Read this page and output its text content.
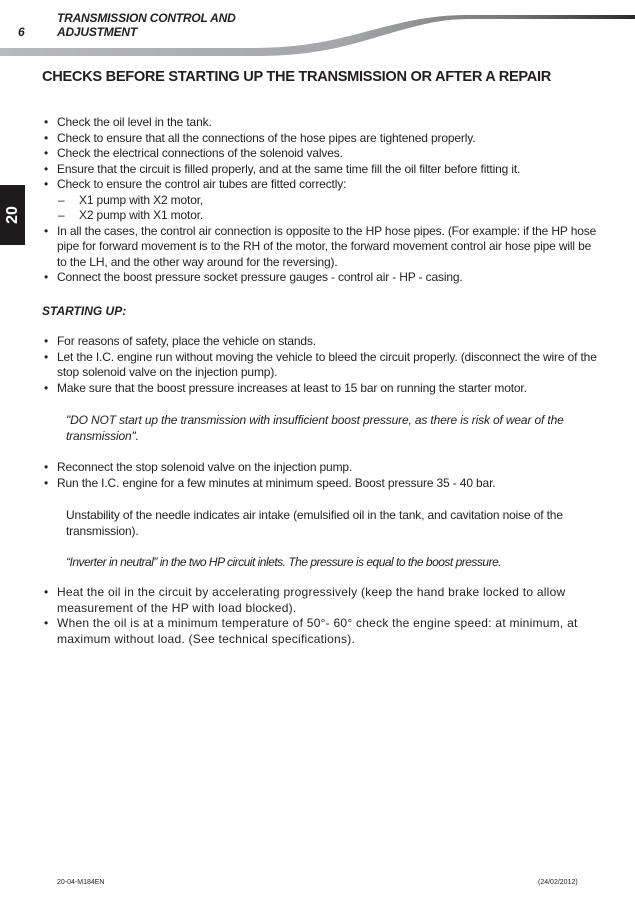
6
TRANSMISSION CONTROL AND
ADJUSTMENT
20
CHECKS BEFORE STARTING UP THE TRANSMISSION OR AFTER A REPAIR
• Check the oil level in the tank.
• Check to ensure that all the connections of the hose pipes are tightened properly.
• Check the electrical connections of the solenoid valves.
• Ensure that the circuit is filled properly, and at the same time fill the oil filter before fitting it.
• Check to ensure the control air tubes are fitted correctly:
– X1 pump with X2 motor,
– X2 pump with X1 motor.
• In all the cases, the control air connection is opposite to the HP hose pipes. (For example: if the HP hose pipe for forward movement is to the RH of the motor, the forward movement control air hose pipe will be to the LH, and the other way around for the reversing).
• Connect the boost pressure socket pressure gauges - control air - HP - casing.
STARTING UP:
• For reasons of safety, place the vehicle on stands.
• Let the I.C. engine run without moving the vehicle to bleed the circuit properly. (disconnect the wire of the stop solenoid valve on the injection pump).
• Make sure that the boost pressure increases at least to 15 bar on running the starter motor.
"DO NOT start up the transmission with insufficient boost pressure, as there is risk of wear of the transmission".
• Reconnect the stop solenoid valve on the injection pump.
• Run the I.C. engine for a few minutes at minimum speed. Boost pressure 35 - 40 bar.
Unstability of the needle indicates air intake (emulsified oil in the tank, and cavitation noise of the transmission).
“Inverter in neutral” in the two HP circuit inlets. The pressure is equal to the boost pressure.
• Heat the oil in the circuit by accelerating progressively (keep the hand brake locked to allow measurement of the HP with load blocked).
• When the oil is at a minimum temperature of 50°- 60° check the engine speed: at minimum, at maximum without load. (See technical specifications).
20-04-M184EN	(24/02/2012)
